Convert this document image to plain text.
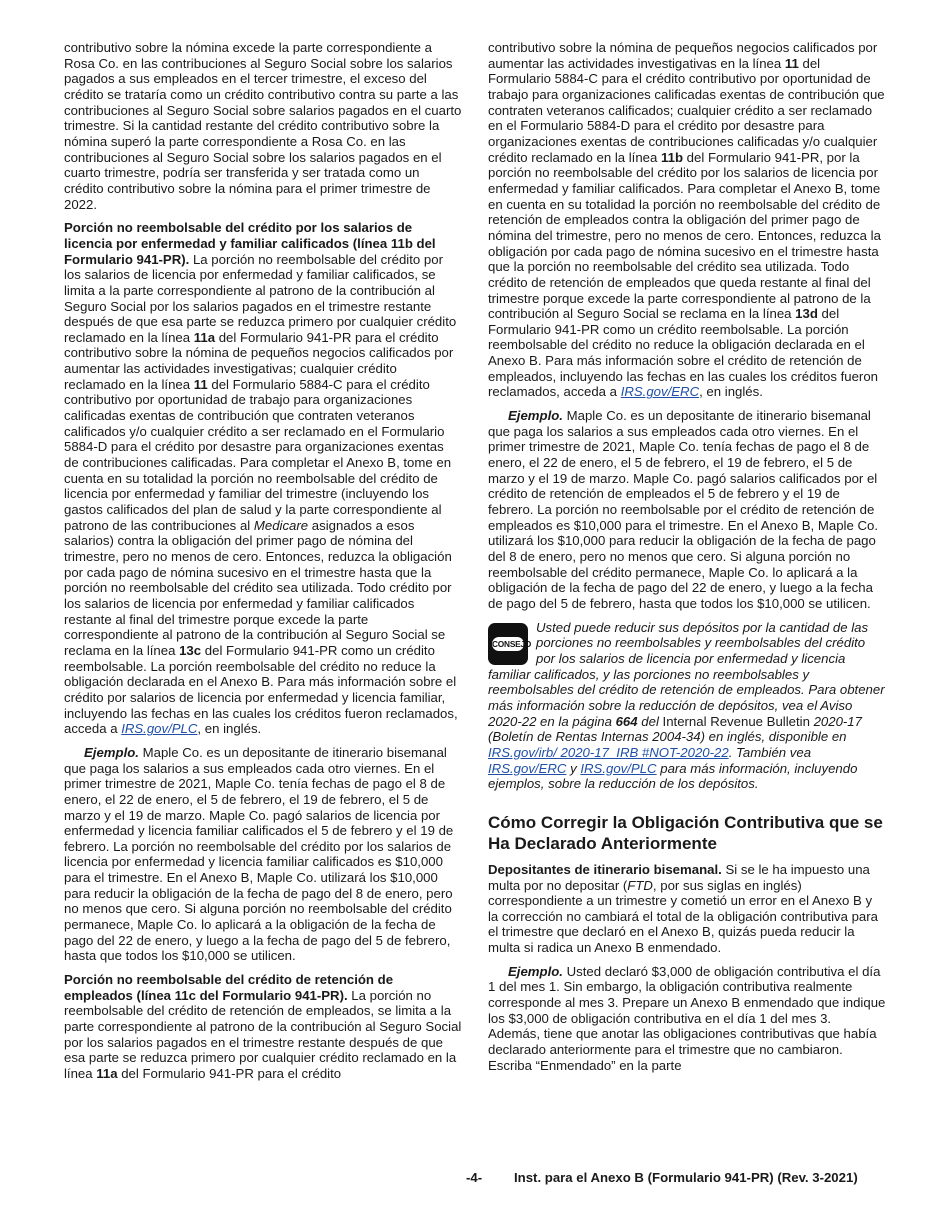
contributivo sobre la nómina excede la parte correspondiente a Rosa Co. en las contribuciones al Seguro Social sobre los salarios pagados a sus empleados en el tercer trimestre, el exceso del crédito se trataría como un crédito contributivo contra su parte a las contribuciones al Seguro Social sobre salarios pagados en el cuarto trimestre. Si la cantidad restante del crédito contributivo sobre la nómina superó la parte correspondiente a Rosa Co. en las contribuciones al Seguro Social sobre los salarios pagados en el cuarto trimestre, podría ser transferida y ser tratada como un crédito contributivo sobre la nómina para el primer trimestre de 2022.

Porción no reembolsable del crédito por los salarios de licencia por enfermedad y familiar calificados (línea 11b del Formulario 941-PR). La porción no reembolsable del crédito por los salarios de licencia por enfermedad y familiar calificados, se limita a la parte correspondiente al patrono de la contribución al Seguro Social por los salarios pagados en el trimestre restante después de que esa parte se reduzca primero por cualquier crédito reclamado en la línea 11a del Formulario 941-PR para el crédito contributivo sobre la nómina de pequeños negocios calificados por aumentar las actividades investigativas; cualquier crédito reclamado en la línea 11 del Formulario 5884-C para el crédito contributivo por oportunidad de trabajo para organizaciones calificadas exentas de contribución que contraten veteranos calificados y/o cualquier crédito a ser reclamado en el Formulario 5884-D para el crédito por desastre para organizaciones exentas de contribuciones calificadas. Para completar el Anexo B, tome en cuenta en su totalidad la porción no reembolsable del crédito de licencia por enfermedad y familiar del trimestre (incluyendo los gastos calificados del plan de salud y la parte correspondiente al patrono de las contribuciones al Medicare asignados a esos salarios) contra la obligación del primer pago de nómina del trimestre, pero no menos de cero. Entonces, reduzca la obligación por cada pago de nómina sucesivo en el trimestre hasta que la porción no reembolsable del crédito sea utilizada. Todo crédito por los salarios de licencia por enfermedad y familiar calificados restante al final del trimestre porque excede la parte correspondiente al patrono de la contribución al Seguro Social se reclama en la línea 13c del Formulario 941-PR como un crédito reembolsable. La porción reembolsable del crédito no reduce la obligación declarada en el Anexo B. Para más información sobre el crédito por salarios de licencia por enfermedad y licencia familiar, incluyendo las fechas en las cuales los créditos fueron reclamados, acceda a IRS.gov/PLC, en inglés.

Ejemplo. Maple Co. es un depositante de itinerario bisemanal que paga los salarios a sus empleados cada otro viernes. En el primer trimestre de 2021, Maple Co. tenía fechas de pago el 8 de enero, el 22 de enero, el 5 de febrero, el 19 de febrero, el 5 de marzo y el 19 de marzo. Maple Co. pagó salarios de licencia por enfermedad y licencia familiar calificados el 5 de febrero y el 19 de febrero. La porción no reembolsable del crédito por los salarios de licencia por enfermedad y licencia familiar calificados es $10,000 para el trimestre. En el Anexo B, Maple Co. utilizará los $10,000 para reducir la obligación de la fecha de pago del 8 de enero, pero no menos que cero. Si alguna porción no reembolsable del crédito permanece, Maple Co. lo aplicará a la obligación de la fecha de pago del 22 de enero, y luego a la fecha de pago del 5 de febrero, hasta que todos los $10,000 se utilicen.

Porción no reembolsable del crédito de retención de empleados (línea 11c del Formulario 941-PR). La porción no reembolsable del crédito de retención de empleados, se limita a la parte correspondiente al patrono de la contribución al Seguro Social por los salarios pagados en el trimestre restante después de que esa parte se reduzca primero por cualquier crédito reclamado en la línea 11a del Formulario 941-PR para el crédito

contributivo sobre la nómina de pequeños negocios calificados por aumentar las actividades investigativas en la línea 11 del Formulario 5884-C para el crédito contributivo por oportunidad de trabajo para organizaciones calificadas exentas de contribución que contraten veteranos calificados; cualquier crédito a ser reclamado en el Formulario 5884-D para el crédito por desastre para organizaciones exentas de contribuciones calificadas y/o cualquier crédito reclamado en la línea 11b del Formulario 941-PR, por la porción no reembolsable del crédito por los salarios de licencia por enfermedad y familiar calificados. Para completar el Anexo B, tome en cuenta en su totalidad la porción no reembolsable del crédito de retención de empleados contra la obligación del primer pago de nómina del trimestre, pero no menos de cero. Entonces, reduzca la obligación por cada pago de nómina sucesivo en el trimestre hasta que la porción no reembolsable del crédito sea utilizada. Todo crédito de retención de empleados que queda restante al final del trimestre porque excede la parte correspondiente al patrono de la contribución al Seguro Social se reclama en la línea 13d del Formulario 941-PR como un crédito reembolsable. La porción reembolsable del crédito no reduce la obligación declarada en el Anexo B. Para más información sobre el crédito de retención de empleados, incluyendo las fechas en las cuales los créditos fueron reclamados, acceda a IRS.gov/ERC, en inglés.

Ejemplo. Maple Co. es un depositante de itinerario bisemanal que paga los salarios a sus empleados cada otro viernes. En el primer trimestre de 2021, Maple Co. tenía fechas de pago el 8 de enero, el 22 de enero, el 5 de febrero, el 19 de febrero, el 5 de marzo y el 19 de marzo. Maple Co. pagó salarios calificados por el crédito de retención de empleados el 5 de febrero y el 19 de febrero. La porción no reembolsable por el crédito de retención de empleados es $10,000 para el trimestre. En el Anexo B, Maple Co. utilizará los $10,000 para reducir la obligación de la fecha de pago del 8 de enero, pero no menos que cero. Si alguna porción no reembolsable del crédito permanece, Maple Co. lo aplicará a la obligación de la fecha de pago del 22 de enero, y luego a la fecha de pago del 5 de febrero, hasta que todos los $10,000 se utilicen.

CONSEJO
Usted puede reducir sus depósitos por la cantidad de las porciones no reembolsables y reembolsables del crédito por los salarios de licencia por enfermedad y licencia familiar calificados, y las porciones no reembolsables y reembolsables del crédito de retención de empleados. Para obtener más información sobre la reducción de depósitos, vea el Aviso 2020-22 en la página 664 del Internal Revenue Bulletin 2020-17 (Boletín de Rentas Internas 2004-34) en inglés, disponible en IRS.gov/irb/ 2020-17_IRB #NOT-2020-22. También vea IRS.gov/ERC y IRS.gov/PLC para más información, incluyendo ejemplos, sobre la reducción de los depósitos.
Cómo Corregir la Obligación Contributiva que se Ha Declarado Anteriormente

Depositantes de itinerario bisemanal. Si se le ha impuesto una multa por no depositar (FTD, por sus siglas en inglés) correspondiente a un trimestre y cometió un error en el Anexo B y la corrección no cambiará el total de la obligación contributiva para el trimestre que declaró en el Anexo B, quizás pueda reducir la multa si radica un Anexo B enmendado.

Ejemplo. Usted declaró $3,000 de obligación contributiva el día 1 del mes 1. Sin embargo, la obligación contributiva realmente corresponde al mes 3. Prepare un Anexo B enmendado que indique los $3,000 de obligación contributiva en el día 1 del mes 3. Además, tiene que anotar las obligaciones contributivas que había declarado anteriormente para el trimestre que no cambiaron. Escriba “Enmendado” en la parte

-4- Inst. para el Anexo B (Formulario 941-PR) (Rev. 3-2021)
